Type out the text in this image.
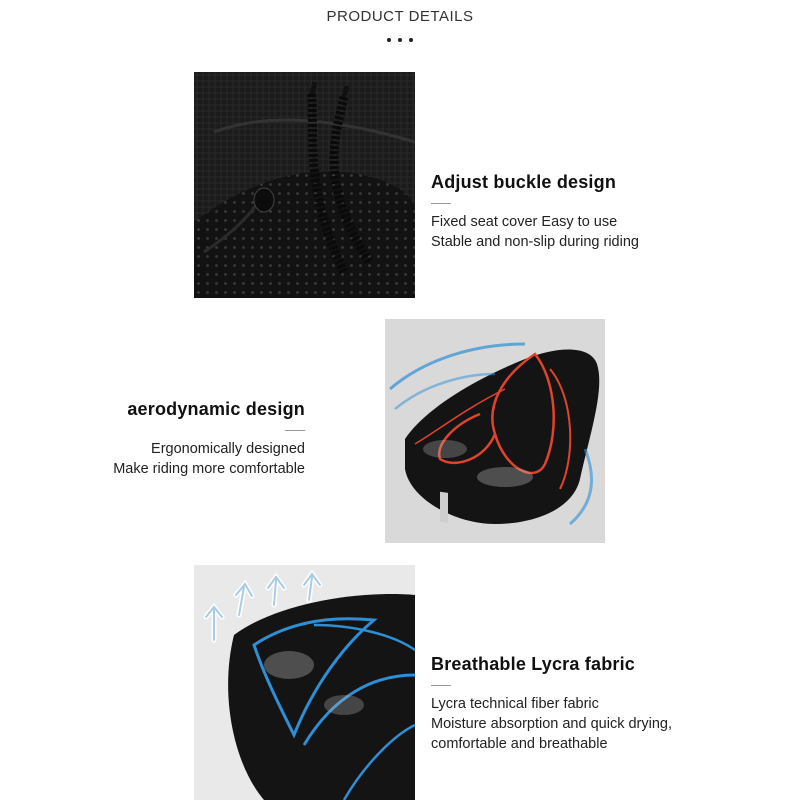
PRODUCT DETAILS
Adjust buckle design

Fixed seat cover Easy to use

Stable and non-slip during riding

aerodynamic design

Ergonomically designed

Make riding more comfortable

Breathable Lycra fabric

Lycra technical fiber fabric

Moisture absorption and quick drying,

comfortable and breathable
